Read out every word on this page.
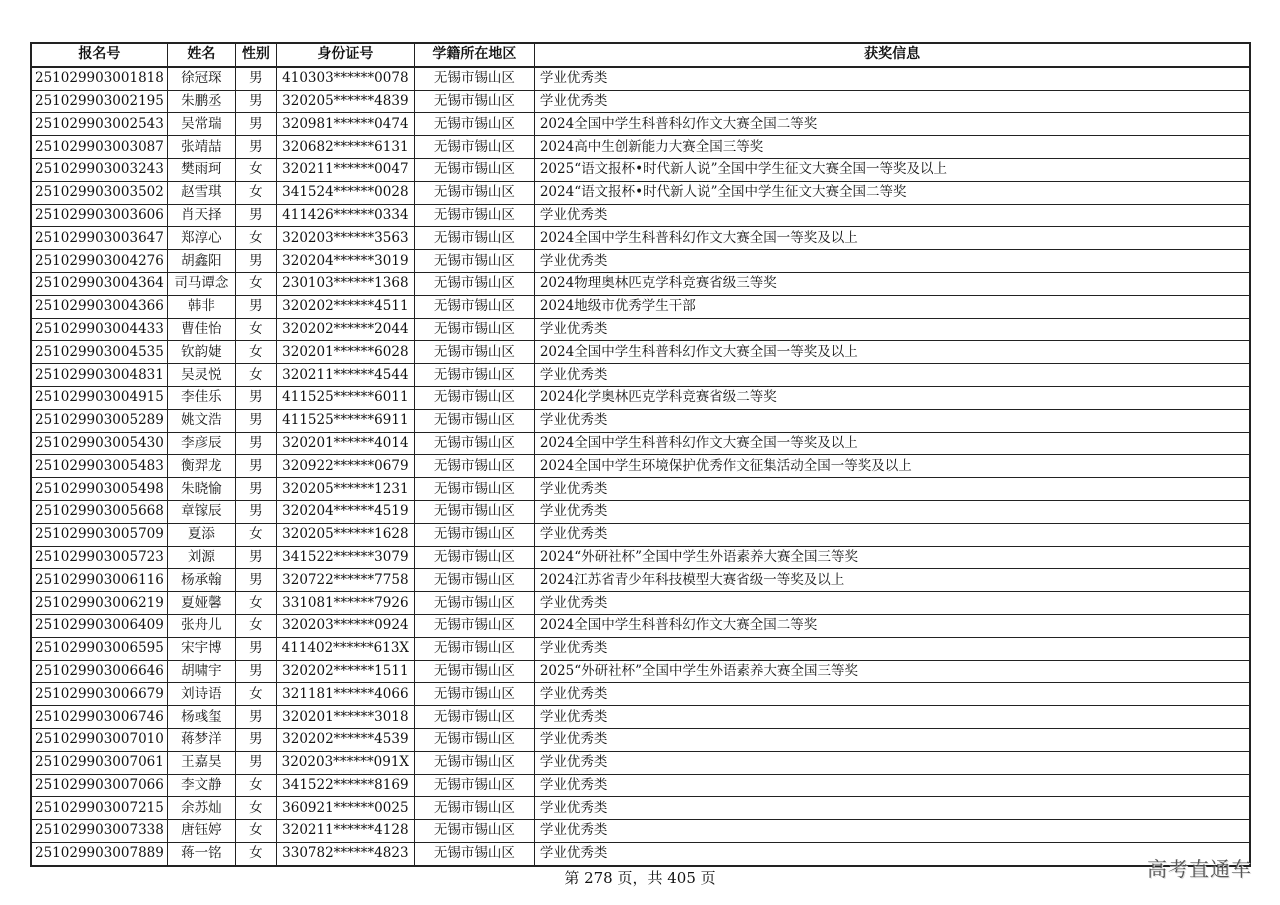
报名号	姓名	性别	身份证号	学籍所在地区	获奖信息
251029903001818	徐冠琛	男	410303******0078	无锡市锡山区	学业优秀类
251029903002195	朱鹏丞	男	320205******4839	无锡市锡山区	学业优秀类
251029903002543	吴常瑞	男	320981******0474	无锡市锡山区	2024全国中学生科普科幻作文大赛全国二等奖
251029903003087	张靖喆	男	320682******6131	无锡市锡山区	2024高中生创新能力大赛全国三等奖
251029903003243	樊雨珂	女	320211******0047	无锡市锡山区	2025“语文报杯•时代新人说”全国中学生征文大赛全国一等奖及以上
251029903003502	赵雪琪	女	341524******0028	无锡市锡山区	2024“语文报杯•时代新人说”全国中学生征文大赛全国二等奖
251029903003606	肖天择	男	411426******0334	无锡市锡山区	学业优秀类
251029903003647	郑淳心	女	320203******3563	无锡市锡山区	2024全国中学生科普科幻作文大赛全国一等奖及以上
251029903004276	胡鑫阳	男	320204******3019	无锡市锡山区	学业优秀类
251029903004364	司马谭念	女	230103******1368	无锡市锡山区	2024物理奥林匹克学科竞赛省级三等奖
251029903004366	韩非	男	320202******4511	无锡市锡山区	2024地级市优秀学生干部
251029903004433	曹佳怡	女	320202******2044	无锡市锡山区	学业优秀类
251029903004535	钦韵婕	女	320201******6028	无锡市锡山区	2024全国中学生科普科幻作文大赛全国一等奖及以上
251029903004831	吴灵悦	女	320211******4544	无锡市锡山区	学业优秀类
251029903004915	李佳乐	男	411525******6011	无锡市锡山区	2024化学奥林匹克学科竞赛省级二等奖
251029903005289	姚文浩	男	411525******6911	无锡市锡山区	学业优秀类
251029903005430	李彦辰	男	320201******4014	无锡市锡山区	2024全国中学生科普科幻作文大赛全国一等奖及以上
251029903005483	衡羿龙	男	320922******0679	无锡市锡山区	2024全国中学生环境保护优秀作文征集活动全国一等奖及以上
251029903005498	朱晓愉	男	320205******1231	无锡市锡山区	学业优秀类
251029903005668	章镓辰	男	320204******4519	无锡市锡山区	学业优秀类
251029903005709	夏添	女	320205******1628	无锡市锡山区	学业优秀类
251029903005723	刘源	男	341522******3079	无锡市锡山区	2024“外研社杯”全国中学生外语素养大赛全国三等奖
251029903006116	杨承翰	男	320722******7758	无锡市锡山区	2024江苏省青少年科技模型大赛省级一等奖及以上
251029903006219	夏娅馨	女	331081******7926	无锡市锡山区	学业优秀类
251029903006409	张舟儿	女	320203******0924	无锡市锡山区	2024全国中学生科普科幻作文大赛全国二等奖
251029903006595	宋宇博	男	411402******613X	无锡市锡山区	学业优秀类
251029903006646	胡啸宇	男	320202******1511	无锡市锡山区	2025“外研社杯”全国中学生外语素养大赛全国三等奖
251029903006679	刘诗语	女	321181******4066	无锡市锡山区	学业优秀类
251029903006746	杨彧玺	男	320201******3018	无锡市锡山区	学业优秀类
251029903007010	蒋梦洋	男	320202******4539	无锡市锡山区	学业优秀类
251029903007061	王嘉昊	男	320203******091X	无锡市锡山区	学业优秀类
251029903007066	李文静	女	341522******8169	无锡市锡山区	学业优秀类
251029903007215	余苏灿	女	360921******0025	无锡市锡山区	学业优秀类
251029903007338	唐钰婷	女	320211******4128	无锡市锡山区	学业优秀类
251029903007889	蒋一铭	女	330782******4823	无锡市锡山区	学业优秀类
第 278 页，共 405 页	高考直通车
